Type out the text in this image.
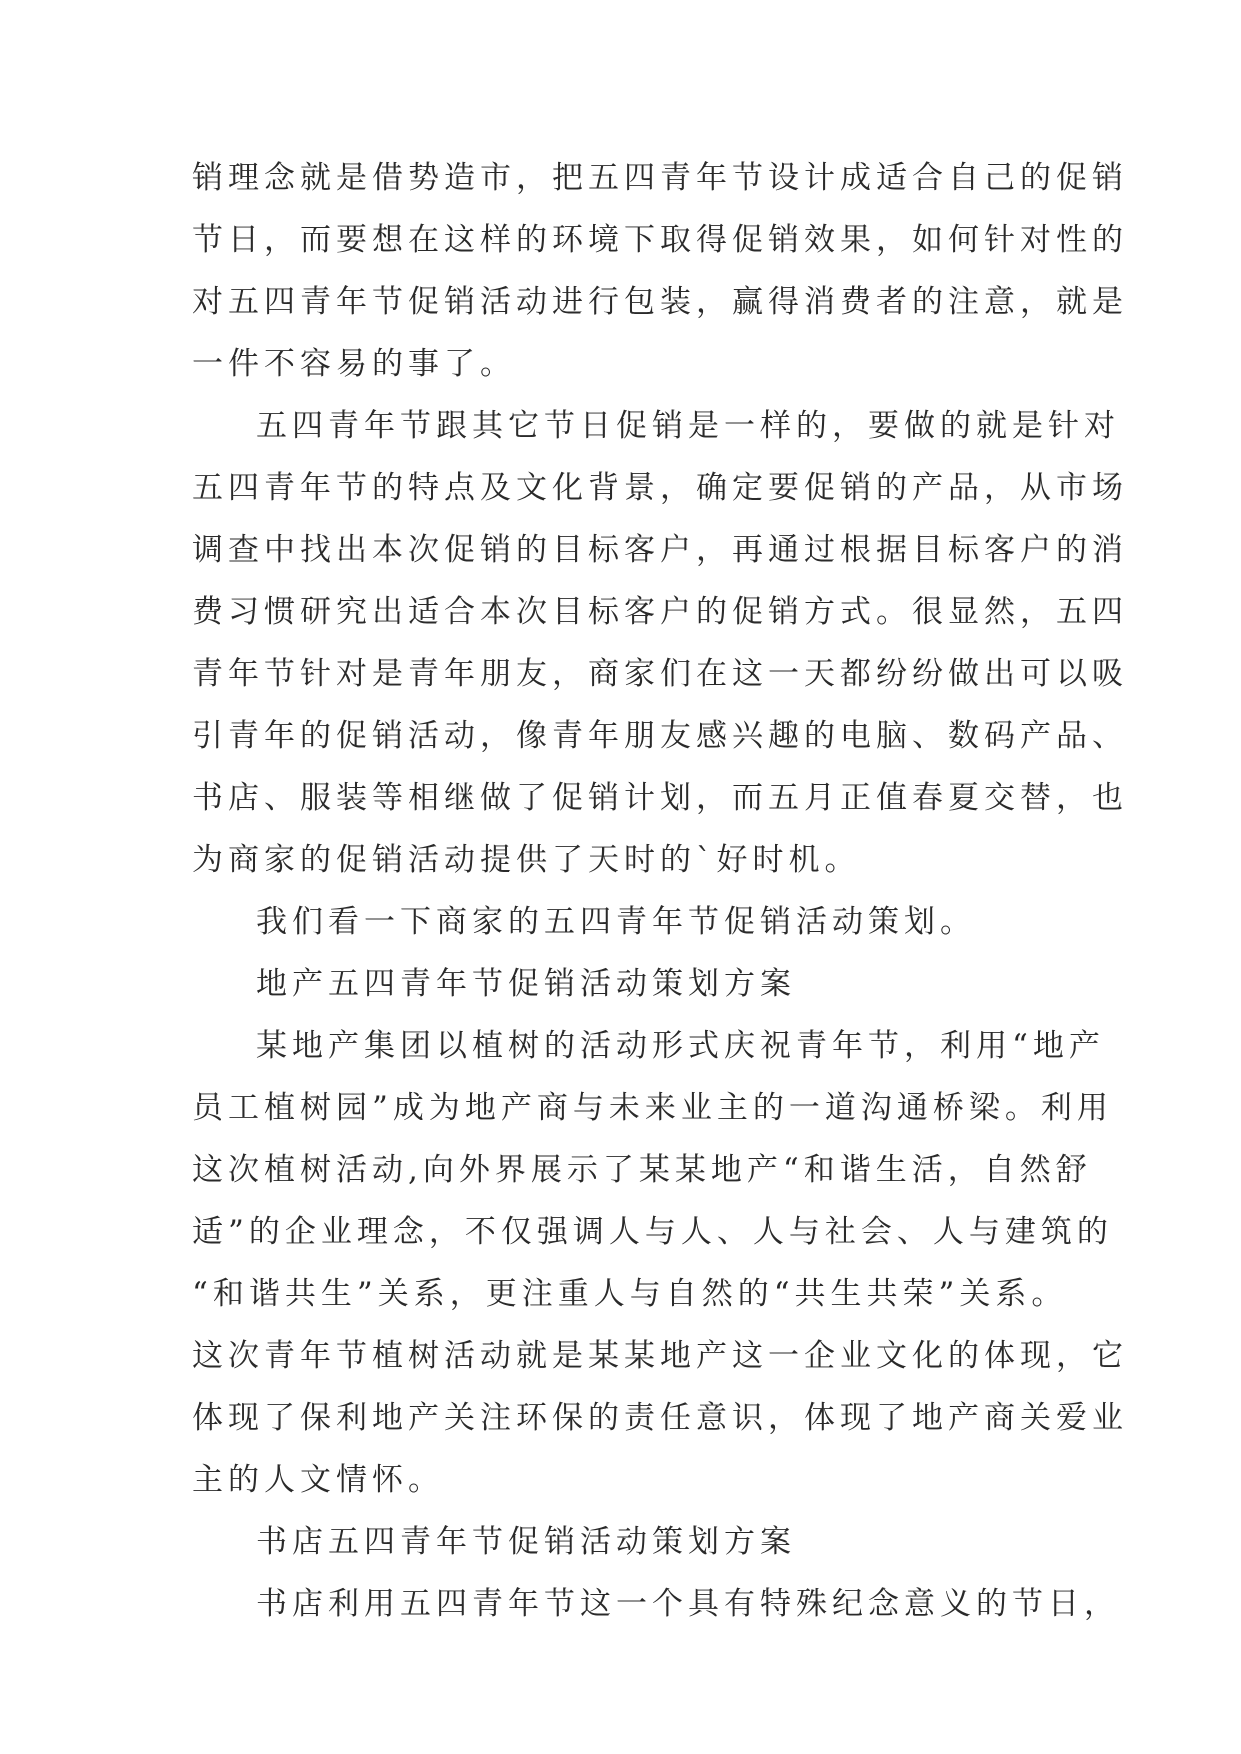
销理念就是借势造市，把五四青年节设计成适合自己的促销
节日，而要想在这样的环境下取得促销效果，如何针对性的
对五四青年节促销活动进行包装，赢得消费者的注意，就是
一件不容易的事了。
五四青年节跟其它节日促销是一样的，要做的就是针对
五四青年节的特点及文化背景，确定要促销的产品，从市场
调查中找出本次促销的目标客户，再通过根据目标客户的消
费习惯研究出适合本次目标客户的促销方式。很显然，五四
青年节针对是青年朋友，商家们在这一天都纷纷做出可以吸
引青年的促销活动，像青年朋友感兴趣的电脑、数码产品、
书店、服装等相继做了促销计划，而五月正值春夏交替，也
为商家的促销活动提供了天时的`好时机。
我们看一下商家的五四青年节促销活动策划。
地产五四青年节促销活动策划方案
某地产集团以植树的活动形式庆祝青年节，利用“地产
员工植树园”成为地产商与未来业主的一道沟通桥梁。利用
这次植树活动,向外界展示了某某地产“和谐生活，自然舒
适”的企业理念，不仅强调人与人、人与社会、人与建筑的
“和谐共生”关系，更注重人与自然的“共生共荣”关系。
这次青年节植树活动就是某某地产这一企业文化的体现，它
体现了保利地产关注环保的责任意识，体现了地产商关爱业
主的人文情怀。
书店五四青年节促销活动策划方案
书店利用五四青年节这一个具有特殊纪念意义的节日，
